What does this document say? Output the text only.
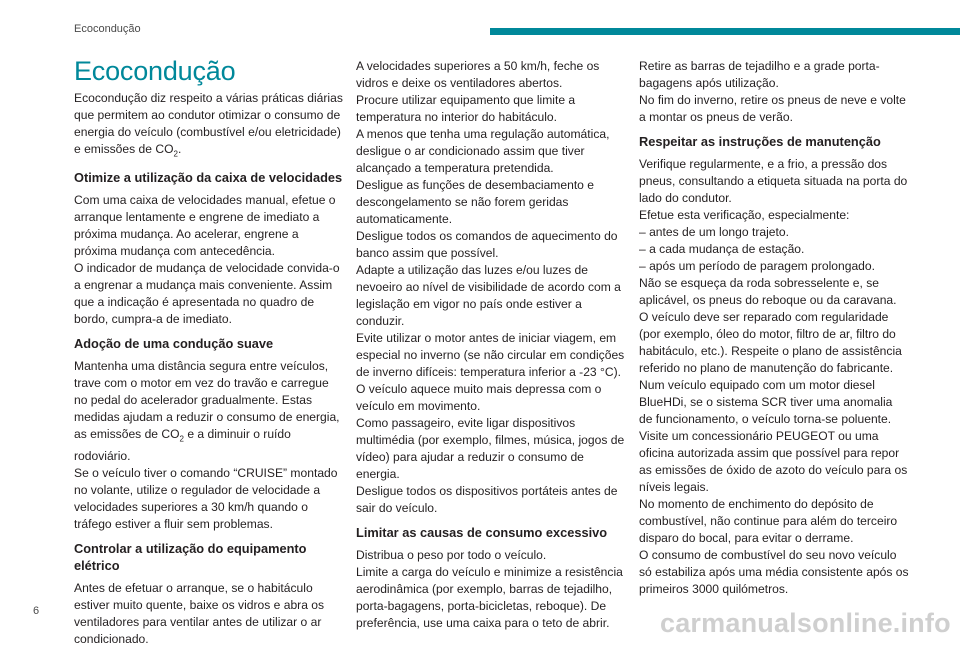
Ecocondução
Ecocondução

Ecocondução diz respeito a várias práticas diárias que permitem ao condutor otimizar o consumo de energia do veículo (combustível e/ou eletricidade) e emissões de $CO_2$.

Otimize a utilização da caixa de velocidades

Com uma caixa de velocidades manual, efetue o arranque lentamente e engrene de imediato a próxima mudança. Ao acelerar, engrene a próxima mudança com antecedência.

O indicador de mudança de velocidade convida-o a engrenar a mudança mais conveniente. Assim que a indicação é apresentada no quadro de bordo, cumpra-a de imediato.

Adoção de uma condução suave

Mantenha uma distância segura entre veículos, trave com o motor em vez do travão e carregue no pedal do acelerador gradualmente. Estas medidas ajudam a reduzir o consumo de energia, as emissões de $CO_2$ e a diminuir o ruído rodoviário.

Se o veículo tiver o comando “CRUISE” montado no volante, utilize o regulador de velocidade a velocidades superiores a 30 km/h quando o tráfego estiver a fluir sem problemas.

Controlar a utilização do equipamento elétrico

Antes de efetuar o arranque, se o habitáculo estiver muito quente, baixe os vidros e abra os ventiladores para ventilar antes de utilizar o ar condicionado.

A velocidades superiores a 50 km/h, feche os vidros e deixe os ventiladores abertos.

Procure utilizar equipamento que limite a temperatura no interior do habitáculo.

A menos que tenha uma regulação automática, desligue o ar condicionado assim que tiver alcançado a temperatura pretendida.

Desligue as funções de desembaciamento e descongelamento se não forem geridas automaticamente.

Desligue todos os comandos de aquecimento do banco assim que possível.

Adapte a utilização das luzes e/ou luzes de nevoeiro ao nível de visibilidade de acordo com a legislação em vigor no país onde estiver a conduzir.

Evite utilizar o motor antes de iniciar viagem, em especial no inverno (se não circular em condições de inverno difíceis: temperatura inferior a -23 °C). O veículo aquece muito mais depressa com o veículo em movimento.

Como passageiro, evite ligar dispositivos multimédia (por exemplo, filmes, música, jogos de vídeo) para ajudar a reduzir o consumo de energia.

Desligue todos os dispositivos portáteis antes de sair do veículo.

Limitar as causas de consumo excessivo

Distribua o peso por todo o veículo.

Limite a carga do veículo e minimize a resistência aerodinâmica (por exemplo, barras de tejadilho, porta-bagagens, porta-bicicletas, reboque). De preferência, use uma caixa para o teto de abrir.

Retire as barras de tejadilho e a grade porta-bagagens após utilização.

No fim do inverno, retire os pneus de neve e volte a montar os pneus de verão.

Respeitar as instruções de manutenção

Verifique regularmente, e a frio, a pressão dos pneus, consultando a etiqueta situada na porta do lado do condutor.

Efetue esta verificação, especialmente:

– antes de um longo trajeto.
– a cada mudança de estação.
– após um período de paragem prolongado.

Não se esqueça da roda sobresselente e, se aplicável, os pneus do reboque ou da caravana.

O veículo deve ser reparado com regularidade (por exemplo, óleo do motor, filtro de ar, filtro do habitáculo, etc.). Respeite o plano de assistência referido no plano de manutenção do fabricante.

Num veículo equipado com um motor diesel BlueHDi, se o sistema SCR tiver uma anomalia de funcionamento, o veículo torna-se poluente. Visite um concessionário PEUGEOT ou uma oficina autorizada assim que possível para repor as emissões de óxido de azoto do veículo para os níveis legais.

No momento de enchimento do depósito de combustível, não continue para além do terceiro disparo do bocal, para evitar o derrame.

O consumo de combustível do seu novo veículo só estabiliza após uma média consistente após os primeiros 3000 quilómetros.

6	carmanualsonline.info
